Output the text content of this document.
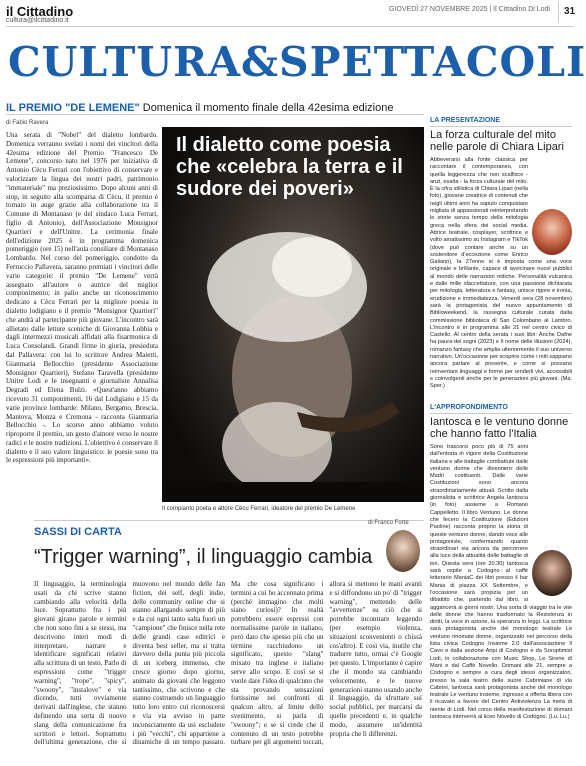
il Cittadino
cultura@ilcittadino.it
GIOVEDÌ 27 NOVEMBRE 2025 | Il Cittadino Di Lodi	31
CULTURA&SPETTACOLI
IL PREMIO "DE LEMENE" Domenica il momento finale della 42esima edizione
di Fabio Ravera
Una serata di "Nobel" del dialetto lombardo. Domenica verranno svelati i nomi dei vincitori della 42esima edizione del Premio "Francesco De Lemene", concorso nato nel 1976 per iniziativa di Antonio Cècu Ferrari con l'obiettivo di conservare e valorizzare la lingua dei nostri padri, patrimonio "immateriale" ma preziosissimo. Dopo alcuni anni di stop, in seguito alla scomparsa di Cècu, il premio è tornato in auge grazie alla collaborazione tra il Comune di Montanaso (e del sindaco Luca Ferrari, figlio di Antonio), dell'Associazione Monsignor Quartieri e dell'Unitre. La cerimonia finale dell'edizione 2025 è in programma domenica pomeriggio (ore 15) nell'aula consiliare di Montanaso Lombardo. Nel corso del pomeriggio, condotto da Ferruccio Pallavera, saranno premiati i vincitori delle varie categorie: il premio "De Lemene" verrà assegnato all'autore o autrice del miglior componimento; in palio anche un riconoscimento dedicato a Cècu Ferrari per la migliore poesia in dialetto lodigiano e il premio "Monsignor Quartieri" che andrà al partecipante più giovane. L'incontro sarà allietato dalle letture sceniche di Giovanna Lobbia e dagli intermezzi musicali affidati alla fisarmonica di Luca Consolandi. Grandi firme in giuria, presieduta dal Pallavera: con lui lo scrittore Andrea Maietti, Gianmaria Bellocchio (presidente Associazione Monsignor Quartieri), Stefano Taravella (presidente Unitre Lodi e le insegnanti e giornaliste Annalisa Degradi ed Elena Bulzi. «Quest'anno abbiamo ricevuto 31 componimenti, 16 dal Lodigiano e 15 da varie province lombarde: Milano, Bergamo, Brescia, Mantova, Monza e Cremona - racconta Gianmaria Bellocchio -. Lo scorso anno abbiamo voluto riproporre il premio, un gesto d'amore verso le nostre radici e le nostre tradizioni. L'obiettivo è conservare il dialetto e il suo valore linguistico: le poesie sono tra le espressioni più importanti».
Il dialetto come poesia che «celebra la terra e il sudore dei poveri»
Il compianto poeta e attore Cècu Ferrari, ideatore del premio De Lemene
LA PRESENTAZIONE
La forza culturale del mito nelle parole di Chiara Lipari
Abbeverarsi alla fonte classica per raccontare il contemporaneo, con quella leggerezza che non scalfisce - anzi, esalta - la forza culturale del mito. È la cifra stilistica di Chiara Lipari (nella foto), giovane creatrice di contenuti che negli ultimi anni ha saputo conquistare migliaia di appassionati reinterpretando le storie senza tempo della mitologia greca nella sfera dei social media. Attrice teatrale, cosplayer, scrittrice e volto amatissimo su Instagram e TikTok (dove può contare anche su un sostenitore d'eccezione come Enrico Galiano), la 27enne si è imposta come una voce originale e brillante, capace di avvicinare nuovi pubblici al mondo delle narrazioni mitiche. Personalità vulcanica e dalle mille sfaccettature, con una passione dichiarata per mitologia, letteratura e fantasy, unisce rigore e ironia, erudizione e immediatezza. Venerdì sera (28 novembre) sarà la protagonista del nuovo appuntamento di Biblioweekend, la rassegna culturale curata dalla commissione biblioteca di San Colombano al Lambro. L'incontro è in programma alle 21 nel centro civico di Castello. Al centro della serata i suoi libri: Anche Dafne ha paura dei sogni (2023) e Il nome delle illusioni (2024), romanzo fantasy che amplia ulteriormente il suo universo narrativo. Un'occasione per scoprire come i miti sappiano ancora parlare al presente, e come si possano reinventare linguaggi e forme per renderli vivi, accessibili e coinvolgenti anche per le generazioni più giovani. (Ma. Sper.)
L'APPROFONDIMENTO
Iantosca e le ventuno donne che hanno fatto l'Italia
Sono trascorsi poco più di 75 anni dall'entrata in vigore della Costituzione italiana e alle battaglie combattute dalle ventuno donne che divennero delle Madri costituenti. Dalle varie Costituzioni sono ancora straordinariamente attuali. Scritto dalla giornalista e scrittrice Angela Iantosca (in foto) assieme a Romano Cappelletto. Il libro Ventuno. Le donne che fecero la Costituzione (Edizioni Paoline) racconta proprio la storia di queste ventuno donne, dando voce alle protagoniste, confermando quanto straordinari sia ancora da percorrere alla luce della attualità delle battaglie di ieri. Questa sera (ore 20.30) Iantosca sarà ospite a Codogno al caffè letterario ManiaC dei libri presso il bar Mania di piazza XX Settembre, e l'occasione sarà propizia per un dibattito che, partendo dal libro, si aggancerà ai giorni nostri. Una sorta di viaggio tra le vite delle donne che hanno trasformato la Resistenza in diritti, la voce in azione, la speranza in leggi. La scrittrice sarà protagonista anche del monologo teatrale Le ventuno rinomate donne, organizzato nel percorso della lista civica Codogno Insieme 2.0 dall'associazione Il Cavo e dalla sezione Anpi di Codogno e da Soroptimist Lodi, in collaborazione con Music Shop, Le Sirene di Mani e dal Caffè Novello. Domani alle 21, sempre a Codogno e sempre a cura degli stessi organizzatori, presso la sala teatro delle suore Cabriniane di via Cabrini, Iantosca sarà protagonista anche del monologo teatrale Le ventuno insieme, ingresso a offerta libera con il ricavato a favore del Centro Antiviolenza La metà di niente di Lodi. Nel corso della manifestazione di domani Iantosca interverrà al liceo Novello di Codogno. (Lu. Lu.)
SASSI DI CARTA
di Franco Forte
“Trigger warning”, il linguaggio cambia
Il linguaggio, la terminologia usati da chi scrive stanno cambiando alla velocità della luce. Soprattutto fra i più giovani girano parole e termini che non sono fini a se stessi, ma descrivono interi modi di interpretare, narrare e identificare significati relativi alla scrittura di un testo. Parlo di espressioni come "trigger warning", "trope", "spicy", "swoony", "instalove" e via dicendo, tutti ovviamente derivati dall'inglese, che stanno definendo una sorta di nuovo slang della comunicazione fra scrittori e lettori. Soprattutto dell'ultima generazione, che si muovono nel mondo delle fan fiction, dei self, degli indie, delle community online che si stanno allargando sempre di più e da cui ogni tanto salta fuori un "campione" che finisce nella rete delle grandi case editrici e diventa best seller, ma si tratta davvero della punta più piccola di un iceberg immenso, che cresce giorno dopo giorno, animato da giovani che leggono tantissimo, che scrivono e che stanno costruendo un linguaggio tutto loro entro cui riconoscersi e via via avviso in parte inconsciamente da usi escludere i più "vecchi", chi appartiene a dinamiche di un tempo passato. Ma che cosa significano i termini a cui ho accennato prima (perché immagino che molti siano curiosi)? In realtà potrebbero essere espressi con normalissime parole in italiano, però dato che spesso più che un termine racchiudono un significato, questo "slang" mixato tra inglese e italiano serve allo scopo. E così se si vuole dare l'idea di qualcuno che sta provando sensazioni fortissime nei confronti di qualcun altro, al limite dello svenimento, si parla di "swoony"; e se si crede che il contenuto di un testo potrebbe turbare per gli argomenti toccati, allora si mettono le mani avanti e si diffondono un po' di "trigger warning", mettendo delle "avvertenze" su ciò che si potrebbe incontrare leggendo (per esempio violenza, situazioni sconvenienti o chissà cos'altro). E così via, inutile che tradurre tutto, ormai c'è Google per questo. L'importante è capire che il mondo sta cambiando velocemente, e le nuove generazioni stanno usando anche il linguaggio, da sfruttare sui social pubblici, per marcarsi da quelle precedenti e, in qualche modo, assumere un'identità propria che li differenzi.
